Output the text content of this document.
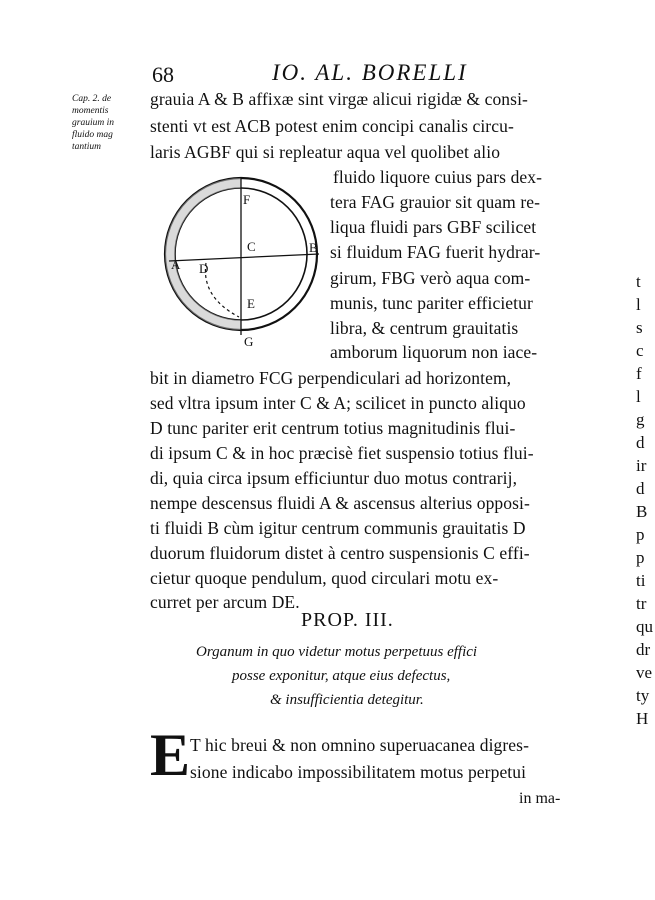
68	IO. AL. BORELLI
Cap. 2. de
momentis
grauium in
fluido mag
tantium
grauia A & B affixæ sint virgæ alicui rigidæ & consi-
stenti vt est ACB potest enim concipi canalis circu-
laris AGBF qui si repleatur aqua vel quolibet alio
fluido liquore cuius pars dex-
tera FAG grauior sit quam re-
liqua fluidi pars GBF scilicet
si fluidum FAG fuerit hydrar-
girum, FBG verò aqua com-
munis, tunc pariter efficietur
libra, & centrum grauitatis
amborum liquorum non iace-
bit in diametro FCG perpendiculari ad horizontem,
sed vltra ipsum inter C & A; scilicet in puncto aliquo
D tunc pariter erit centrum totius magnitudinis flui-
di ipsum C & in hoc præcisè fiet suspensio totius flui-
di, quia circa ipsum efficiuntur duo motus contrarij,
nempe descensus fluidi A & ascensus alterius opposi-
ti fluidi B cùm igitur centrum communis grauitatis D
duorum fluidorum distet à centro suspensionis C effi-
cietur quoque pendulum, quod circulari motu ex-
curret per arcum DE.
F
C	B
A D
E
G
PROP. III.
Organum in quo videtur motus perpetuus effici
posse exponitur, atque eius defectus,
& insufficientia detegitur.
E T hic breui & non omnino superuacanea digres-
sione indicabo impossibilitatem motus perpetui
in ma-
t
l
s
c
f
l
g
d
ir
d
B
p
p
ti
tr
qu
dr
ve
ty
H
